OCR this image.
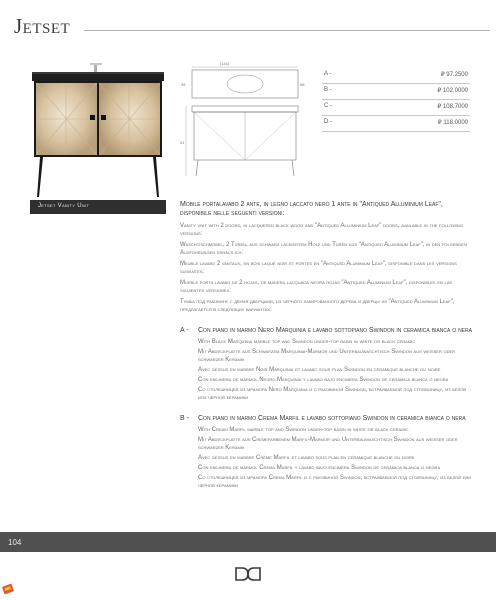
Jetset
Jetset Vanity Unit
(141)
38	58
91
A -	₽ 97.2500
B -	₽ 102.0000
C -	₽ 108.7000
D -	₽ 118.0000
Mobile portalavabo 2 ante, in legno laccato nero 1 ante in "Antiqued Alluminium Leaf", disponibile nelle seguenti versioni:
Vanity unit with 2 doors, in lacquered black wood and "Antiqued Alluminium Leaf" doors, available in the following versions:
Waschtischmöbel, 2 Türen, aus schwarz lackiertem Holz und Türen aus "Antiqued Aluminium Leaf", in den folgenden Ausführungen erhältlich:
Meuble lavabo 2 vantaux, en bois laqué noir et portes en "Antiqued Aluminium Leaf", disponible dans les versions suivantes:
Mueble porta lavabo de 2 hojas, de madera lacquada negra hojas "Antiqued Aluminium Leaf", disponibles en las siguientes versiones:
Тумба под раковину с двумя дверцами, из чёрного лакированного дерева и дверцы из "Antiqued Aluminium Leaf", предлагается в следующих вариантах:
A - Con piano in marmo Nero Marquinia e lavabo sottopiano Swindon in ceramica bianca o nera
With Black Marquinia marble top and Swindon under-top basin in white or black ceramic
Mit Abdeckplatte aus Schwarzem Marquinia-Marmor und Unterbauwaschtisch Swindon aus weißer oder schwarzer Keramik
Avec dessus en marbre Noir Marquinia et lavabo sous plan Swindon en céramique blanche ou noire
Con encimera de mármol Negro Marquinia y lavabo bajo encimera Swindon de cerámica blanca o negra
Со столешницей из мрамора Nero Marquinia и с раковиной Swindon, встраиваемой под столешницу, из белой или чёрной керамики
B - Con piano in marmo Crema Marfil e lavabo sottopiano Swindon in ceramica bianca o nera
With Cream Marfil marble top and Swindon under-top basin in white or black ceramic
Mit Abdeckplatte aus Cremefarbenem Marfil-Marmor und Unterbauwaschtisch Swindon aus weißer oder schwarzer Keramik
Avec dessus en marbre Crème Marfil et lavabo sous plan en céramique blanche ou noire
Con encimera de mármol Crema Marfil y lavabo bajo encimera Swindon de cerámica blanca o negra
Со столешницей из мрамора Crema Marfil и с раковиной Swindon, встраиваемой под столешницу, из белой или чёрной керамики
104
